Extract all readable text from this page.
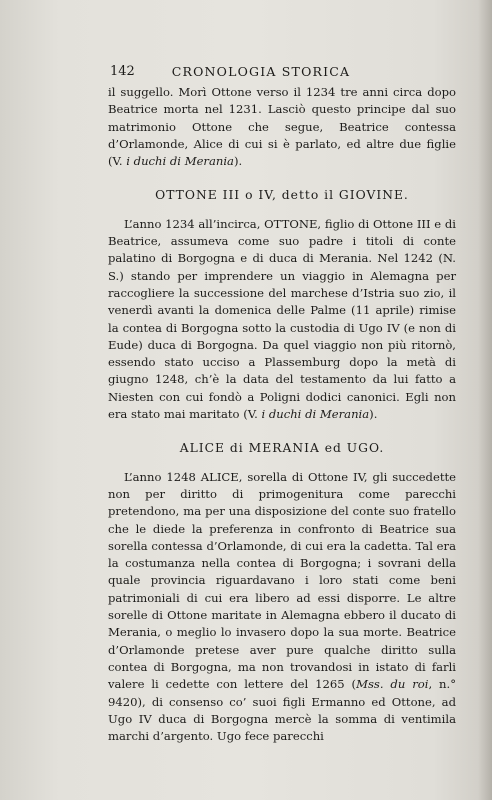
142	CRONOLOGIA STORICA

il suggello. Morì Ottone verso il 1234 tre anni circa dopo Beatrice morta nel 1231. Lasciò questo principe dal suo matrimonio Ottone che segue, Beatrice contessa d’Orlamonde, Alice di cui si è parlato, ed altre due figlie (V. i duchi di Merania).

OTTONE III o IV, detto il GIOVINE.

L’anno 1234 all’incirca, OTTONE, figlio di Ottone III e di Beatrice, assumeva come suo padre i titoli di conte palatino di Borgogna e di duca di Merania. Nel 1242 (N. S.) stando per imprendere un viaggio in Alemagna per raccogliere la successione del marchese d’Istria suo zio, il venerdì avanti la domenica delle Palme (11 aprile) rimise la contea di Borgogna sotto la custodia di Ugo IV (e non di Eude) duca di Borgogna. Da quel viaggio non più ritornò, essendo stato ucciso a Plassemburg dopo la metà di giugno 1248, ch’è la data del testamento da lui fatto a Niesten con cui fondò a Poligni dodici canonici. Egli non era stato mai maritato (V. i duchi di Merania).

ALICE di MERANIA ed UGO.

L’anno 1248 ALICE, sorella di Ottone IV, gli succedette non per diritto di primogenitura come parecchi pretendono, ma per una disposizione del conte suo fratello che le diede la preferenza in confronto di Beatrice sua sorella contessa d’Orlamonde, di cui era la cadetta. Tal era la costumanza nella contea di Borgogna; i sovrani della quale provincia riguardavano i loro stati come beni patrimoniali di cui era libero ad essi disporre. Le altre sorelle di Ottone maritate in Alemagna ebbero il ducato di Merania, o meglio lo invasero dopo la sua morte. Beatrice d’Orlamonde pretese aver pure qualche diritto sulla contea di Borgogna, ma non trovandosi in istato di farli valere li cedette con lettere del 1265 (Mss. du roi, n.° 9420), di consenso co’ suoi figli Ermanno ed Ottone, ad Ugo IV duca di Borgogna mercè la somma di ventimila marchi d’argento. Ugo fece parecchi
